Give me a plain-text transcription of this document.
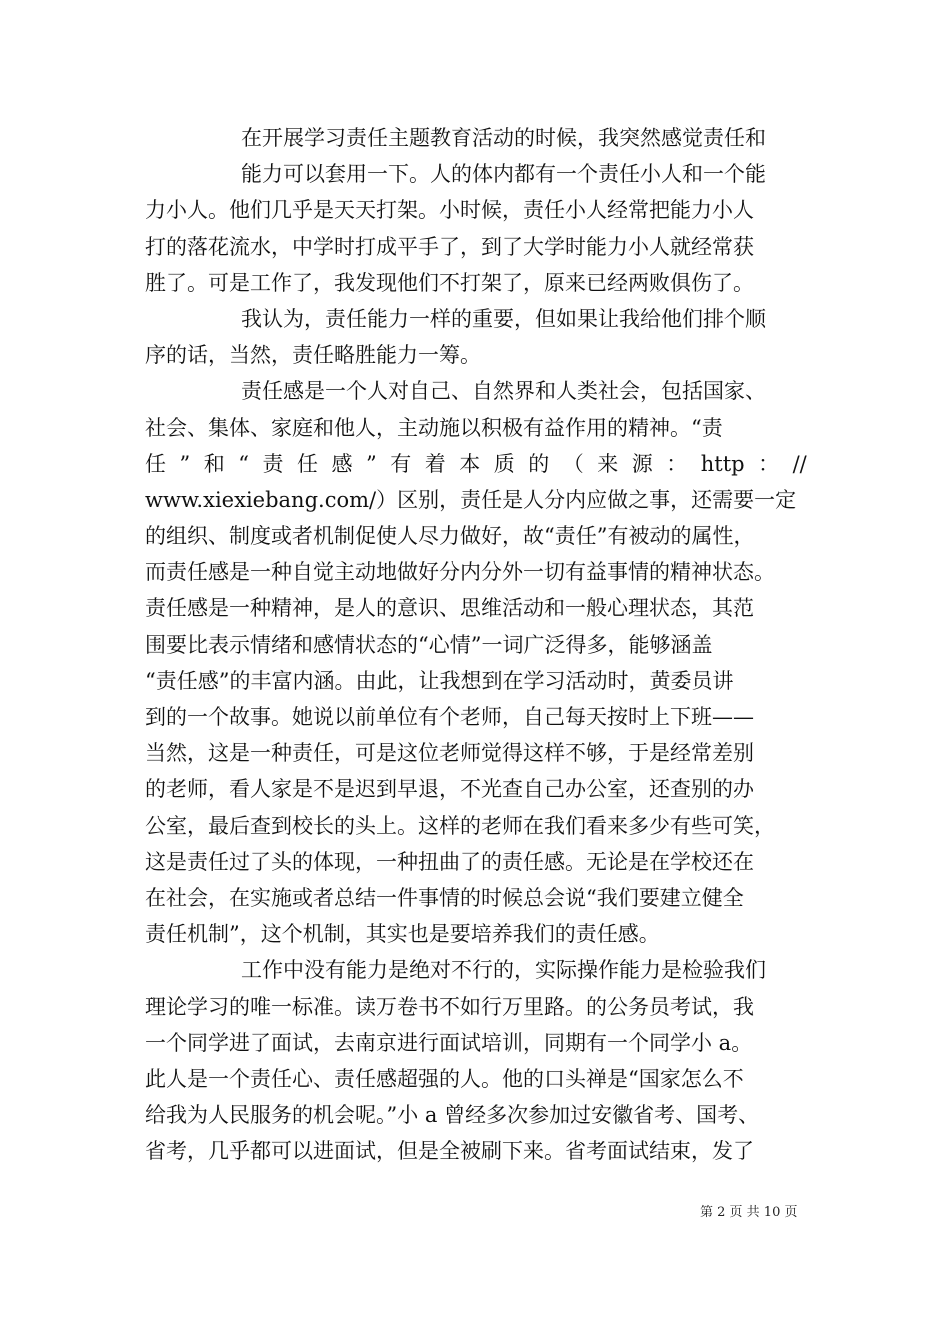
在开展学习责任主题教育活动的时候，我突然感觉责任和
能力可以套用一下。人的体内都有一个责任小人和一个能
力小人。他们几乎是天天打架。小时候，责任小人经常把能力小人
打的落花流水，中学时打成平手了，到了大学时能力小人就经常获
胜了。可是工作了，我发现他们不打架了，原来已经两败俱伤了。
我认为，责任能力一样的重要，但如果让我给他们排个顺
序的话，当然，责任略胜能力一筹。
责任感是一个人对自己、自然界和人类社会，包括国家、
社会、集体、家庭和他人，主动施以积极有益作用的精神。“责
任 ” 和 “ 责 任 感 ” 有 着 本 质 的 （ 来 源 ： http ： //
www.xiexiebang.com/）区别，责任是人分内应做之事，还需要一定
的组织、制度或者机制促使人尽力做好，故“责任”有被动的属性，
而责任感是一种自觉主动地做好分内分外一切有益事情的精神状态。
责任感是一种精神，是人的意识、思维活动和一般心理状态，其范
围要比表示情绪和感情状态的“心情”一词广泛得多，能够涵盖
“责任感”的丰富内涵。由此，让我想到在学习活动时，黄委员讲
到的一个故事。她说以前单位有个老师，自己每天按时上下班——
当然，这是一种责任，可是这位老师觉得这样不够，于是经常差别
的老师，看人家是不是迟到早退，不光查自己办公室，还查别的办
公室，最后查到校长的头上。这样的老师在我们看来多少有些可笑，
这是责任过了头的体现，一种扭曲了的责任感。无论是在学校还在
在社会，在实施或者总结一件事情的时候总会说“我们要建立健全
责任机制”，这个机制，其实也是要培养我们的责任感。
工作中没有能力是绝对不行的，实际操作能力是检验我们
理论学习的唯一标准。读万卷书不如行万里路。的公务员考试，我
一个同学进了面试，去南京进行面试培训，同期有一个同学小 a。
此人是一个责任心、责任感超强的人。他的口头禅是“国家怎么不
给我为人民服务的机会呢。”小 a 曾经多次参加过安徽省考、国考、
省考，几乎都可以进面试，但是全被刷下来。省考面试结束，发了
第 2 页 共 10 页
